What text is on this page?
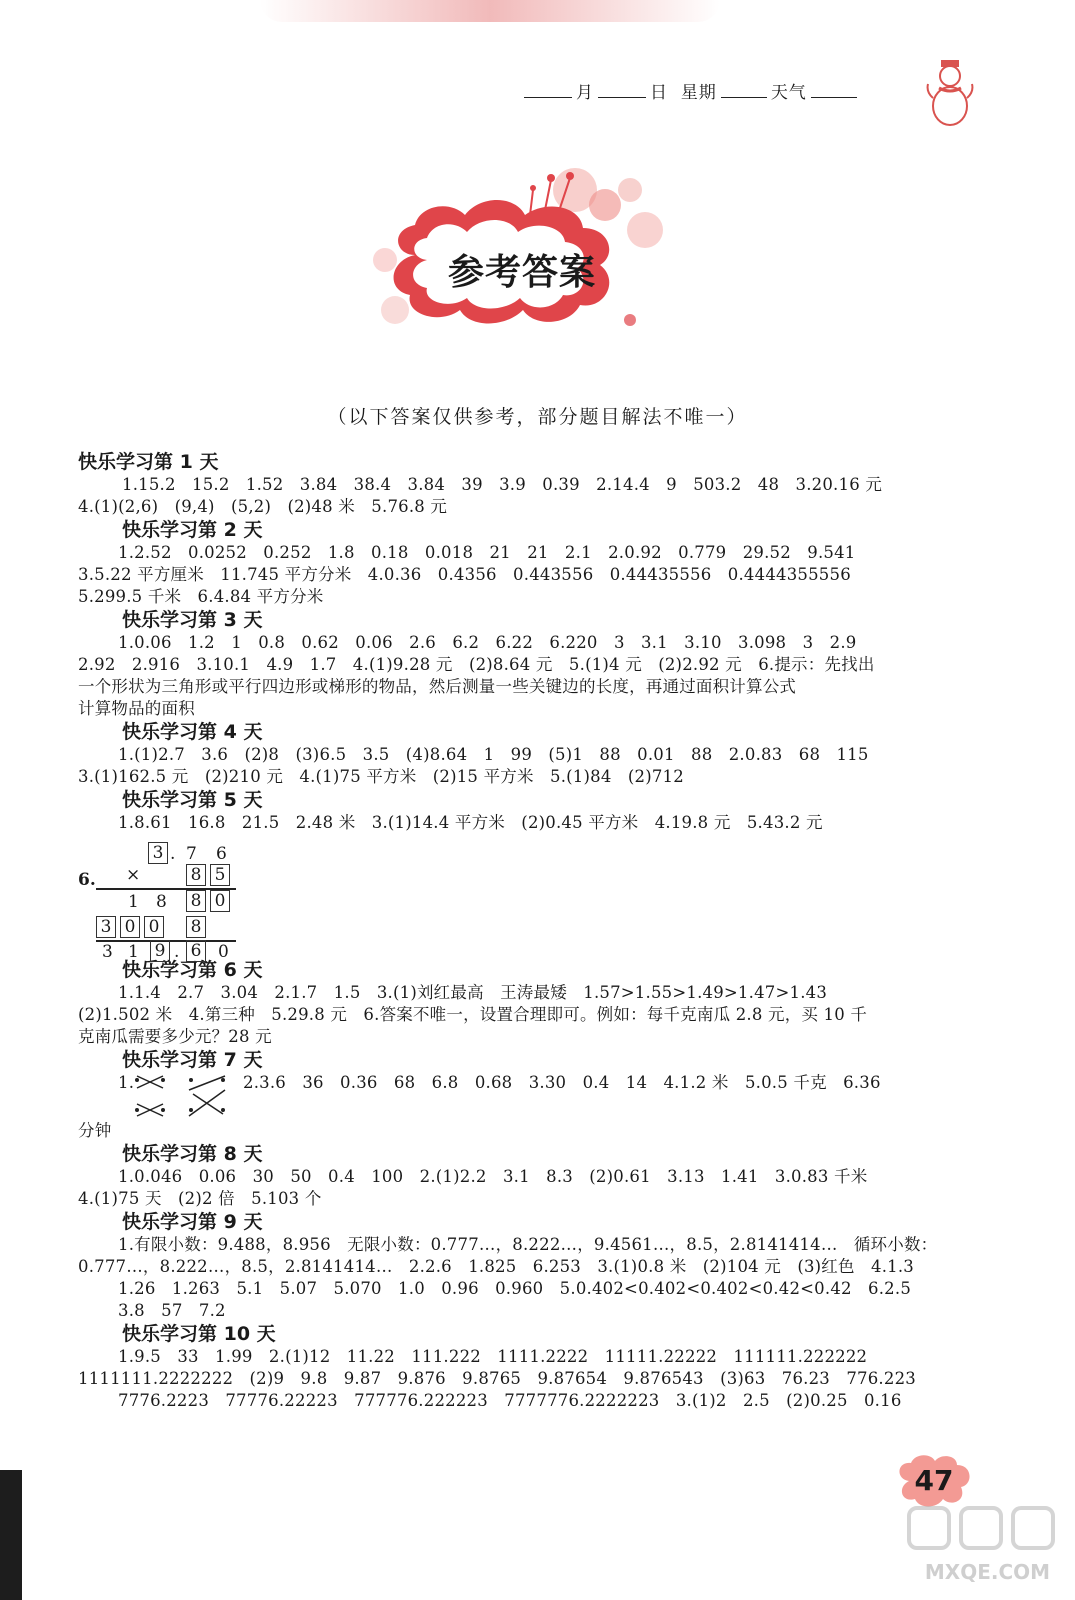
月	日 星期	天气
参考答案
（以下答案仅供参考，部分题目解法不唯一）
快乐学习第 1 天
1.15.2   15.2   1.52   3.84   38.4   3.84   39   3.9   0.39   2.14.4   9   503.2   48   3.20.16 元
4.(1)(2,6)   (9,4)   (5,2)   (2)48 米   5.76.8 元
快乐学习第 2 天
1.2.52   0.0252   0.252   1.8   0.18   0.018   21   21   2.1   2.0.92   0.779   29.52   9.541
3.5.22 平方厘米   11.745 平方分米   4.0.36   0.4356   0.443556   0.44435556   0.4444355556
5.299.5 千米   6.4.84 平方分米
快乐学习第 3 天
1.0.06   1.2   1   0.8   0.62   0.06   2.6   6.2   6.22   6.220   3   3.1   3.10   3.098   3   2.9
2.92   2.916   3.10.1   4.9   1.7   4.(1)9.28 元   (2)8.64 元   5.(1)4 元   (2)2.92 元   6.提示：先找出
一个形状为三角形或平行四边形或梯形的物品，然后测量一些关键边的长度，再通过面积计算公式
计算物品的面积
快乐学习第 4 天
1.(1)2.7   3.6   (2)8   (3)6.5   3.5   (4)8.64   1   99   (5)1   88   0.01   88   2.0.83   68   115
3.(1)162.5 元   (2)210 元   4.(1)75 平方米   (2)15 平方米   5.(1)84   (2)712
快乐学习第 5 天
1.8.61   16.8   21.5   2.48 米   3.(1)14.4 平方米   (2)0.45 平方米   4.19.8 元   5.43.2 元
3 . 7 6
6. ×	8 5
1 8 8 0
3 0 0 8
3 1 9 . 6 0
快乐学习第 6 天
1.1.4   2.7   3.04   2.1.7   1.5   3.(1)刘红最高   王涛最矮   1.57>1.55>1.49>1.47>1.43
(2)1.502 米   4.第三种   5.29.8 元   6.答案不唯一，设置合理即可。例如：每千克南瓜 2.8 元，买 10 千
克南瓜需要多少元？28 元
快乐学习第 7 天

1.

	2.3.6   36   0.36   68   6.8   0.68   3.30   0.4   14   4.1.2 米   5.0.5 千克   6.36

分钟
快乐学习第 8 天
1.0.046   0.06   30   50   0.4   100   2.(1)2.2   3.1   8.3   (2)0.61   3.13   1.41   3.0.83 千米
4.(1)75 天   (2)2 倍   5.103 个
快乐学习第 9 天
1.有限小数：9.488，8.956   无限小数：0.777…，8.222…，9.4561…，8.5，2.8141414…   循环小数：
0.777…，8.222…，8.5，2.8141414…   2.2.6   1.825   6.253   3.(1)0.8 米   (2)104 元   (3)红色   4.1.3
1.26   1.263   5.1   5.07   5.070   1.0   0.96   0.960   5.0.402<0.402<0.402<0.42<0.42   6.2.5
3.8   57   7.2
快乐学习第 10 天
1.9.5   33   1.99   2.(1)12   11.22   111.222   1111.2222   11111.22222   111111.222222
1111111.2222222   (2)9   9.8   9.87   9.876   9.8765   9.87654   9.876543   (3)63   76.23   776.223
7776.2223   77776.22223   777776.222223   7777776.2222223   3.(1)2   2.5   (2)0.25   0.16
47
MXQE.COM
